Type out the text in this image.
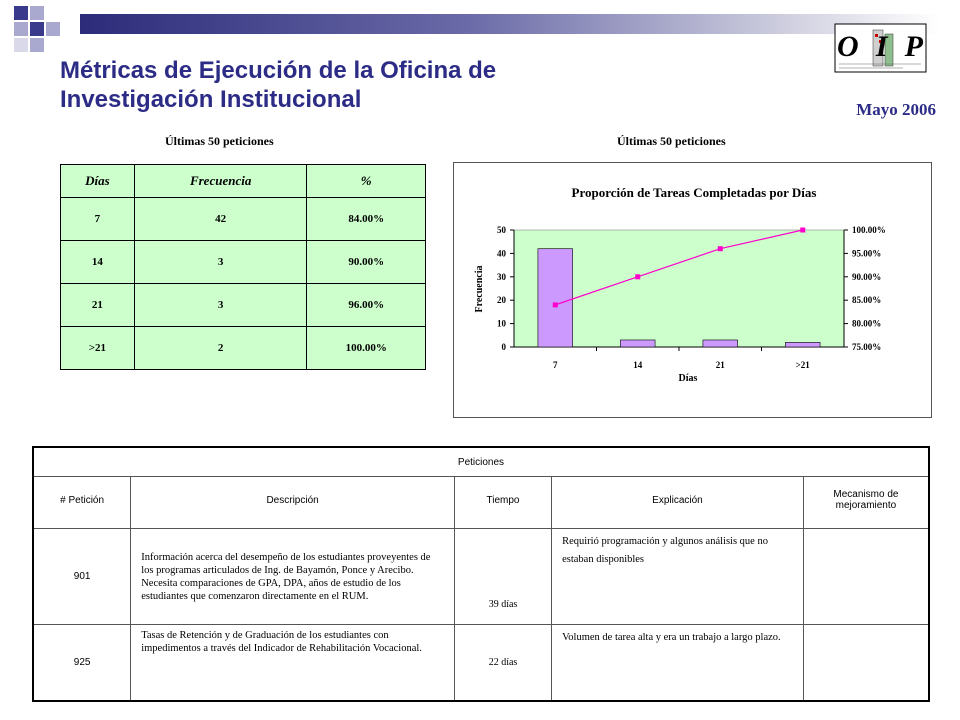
Métricas de Ejecución de la Oficina de Investigación Institucional	Mayo 2006
OIP
Últimas 50 peticiones
Días	Frecuencia	%
7	42	84.00%
14	3	90.00%
21	3	96.00%
>21	2	100.00%
Últimas 50 peticiones
Proporción de Tareas Completadas por Días
0
10
20
30
40
50
75.00%
80.00%
85.00%
90.00%
95.00%
100.00%
7	14	21	>21
Frecuencia
Días
Peticiones				
# Petición	Descripción	Tiempo	Explicación	Mecanismo de mejoramiento
901	Información acerca del desempeño de los estudiantes proveyentes de los programas articulados de Ing. de Bayamón, Ponce y Arecibo. Necesita comparaciones de GPA, DPA, años de estudio de los estudiantes que comenzaron directamente en el RUM.	39 días	Requirió programación y algunos análisis que no estaban disponibles	
925	Tasas de Retención y de Graduación de los estudiantes con impedimentos a través del Indicador de Rehabilitación Vocacional.	22 días	Volumen de tarea alta y era un trabajo a largo plazo.	
